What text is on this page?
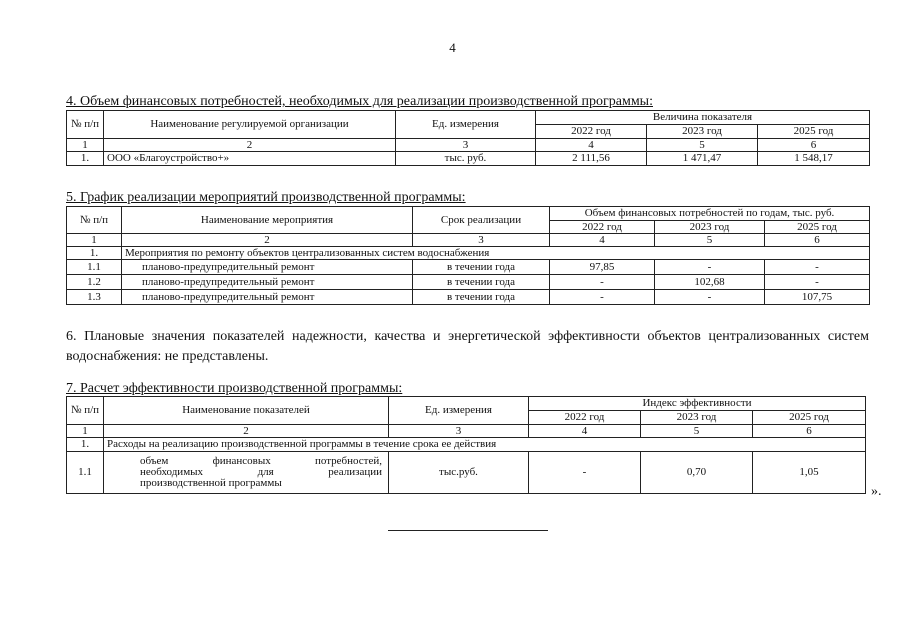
4
4. Объем финансовых потребностей, необходимых для реализации производственной программы:
№ п/п	Наименование регулируемой организации	Ед. измерения	Величина показателя		
			2022 год	2023 год	2025 год
1	2	3	4	5	6
1.	ООО «Благоустройство+»	тыс. руб.	2 111,56	1 471,47	1 548,17
5. График реализации мероприятий производственной программы:
№ п/п	Наименование мероприятия	Срок реализации	Объем финансовых потребностей по годам, тыс. руб.		
			2022 год	2023 год	2025 год
1	2	3	4	5	6
1.	Мероприятия по ремонту объектов централизованных систем водоснабжения				
1.1	планово-предупредительный ремонт	в течении года	97,85	-	-
1.2	планово-предупредительный ремонт	в течении года	-	102,68	-
1.3	планово-предупредительный ремонт	в течении года	-	-	107,75
6. Плановые значения показателей надежности, качества и энергетической эффективности объектов централизованных систем водоснабжения: не представлены.
7. Расчет эффективности производственной программы:
№ п/п	Наименование показателей	Ед. измерения	Индекс эффективности		
			2022 год	2023 год	2025 год
1	2	3	4	5	6
1.	Расходы на реализацию производственной программы в течение срока ее действия				
1.1	объем финансовых потребностей,
необходимых для реализации
производственной программы	тыс.руб.	-	0,70	1,05
».
